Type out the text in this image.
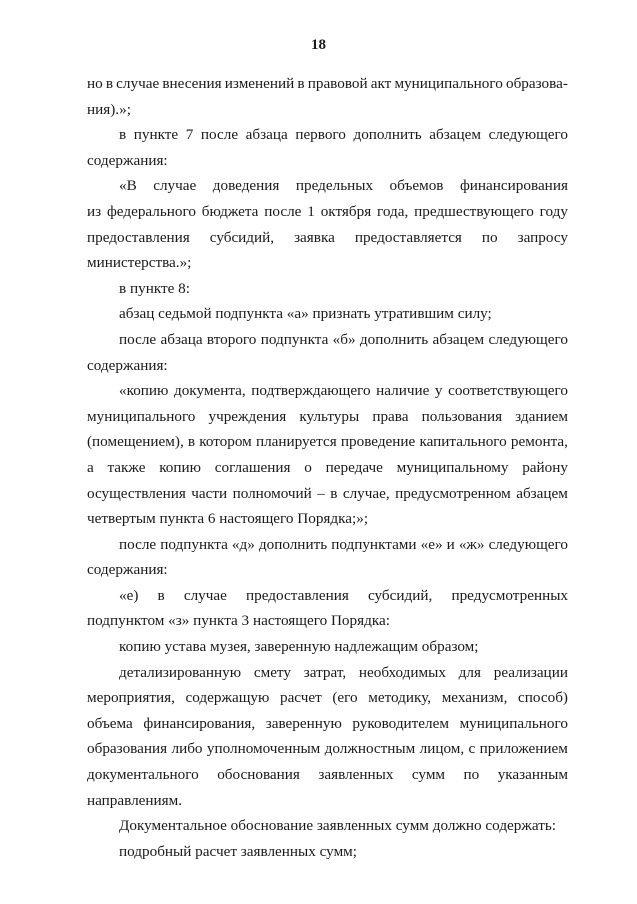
18
но в случае внесения изменений в правовой акт муниципального образова-
ния).»;
в пункте 7 после абзаца первого дополнить абзацем следующего
содержания:
«В случае доведения предельных объемов финансирования
из федерального бюджета после 1 октября года, предшествующего году
предоставления субсидий, заявка предоставляется по запросу
министерства.»;
в пункте 8:
абзац седьмой подпункта «а» признать утратившим силу;
после абзаца второго подпункта «б» дополнить абзацем следующего
содержания:
«копию документа, подтверждающего наличие у соответствующего
муниципального учреждения культуры права пользования зданием
(помещением), в котором планируется проведение капитального ремонта,
а также копию соглашения о передаче муниципальному району
осуществления части полномочий – в случае, предусмотренном абзацем
четвертым пункта 6 настоящего Порядка;»;
после подпункта «д» дополнить подпунктами «е» и «ж» следующего
содержания:
«е) в случае предоставления субсидий, предусмотренных
подпунктом «з» пункта 3 настоящего Порядка:
копию устава музея, заверенную надлежащим образом;
детализированную смету затрат, необходимых для реализации
мероприятия, содержащую расчет (его методику, механизм, способ)
объема финансирования, заверенную руководителем муниципального
образования либо уполномоченным должностным лицом, с приложением
документального обоснования заявленных сумм по указанным
направлениям.
Документальное обоснование заявленных сумм должно содержать:
подробный расчет заявленных сумм;
